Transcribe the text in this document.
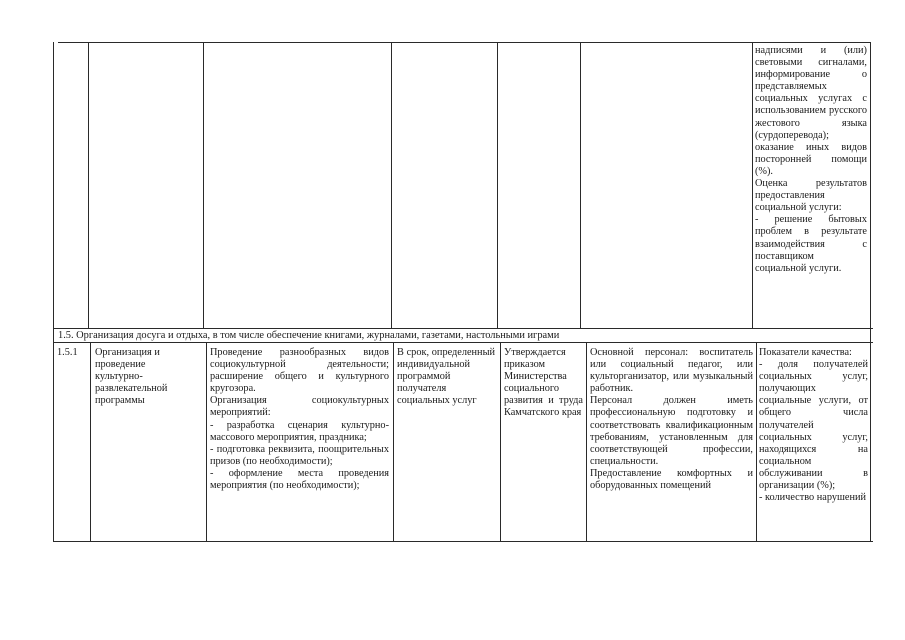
надписями и (или) световыми сигналами, информирование о представляемых социальных услугах с использованием русского жестового языка (сурдоперевода); оказание иных видов посторонней помощи (%).

Оценка результатов предоставления социальной услуги:

- решение бытовых проблем в результате взаимодействия с поставщиком социальной услуги.

1.5. Организация досуга и отдыха, в том числе обеспечение книгами, журналами, газетами, настольными играми
1.5.1	Организация и проведение культурно-развлекательной программы

Проведение разнообразных видов социокультурной деятельности; расширение общего и культурного кругозора.

Организация социокультурных мероприятий:

- разработка сценария культурно-массового мероприятия, праздника;

- подготовка реквизита, поощрительных призов (по необходимости);

- оформление места проведения мероприятия (по необходимости);

В срок, определенный индивидуальной программой получателя социальных услуг
Утверждается приказом Министерства социального развития и труда Камчатского края

Основной персонал: воспитатель или социальный педагог, или культорганизатор, или музыкальный работник.

Персонал должен иметь профессиональную подготовку и соответствовать квалификационным требованиям, установленным для соответствующей профессии, специальности.

Предоставление комфортных и оборудованных помещений

Показатели качества:

- доля получателей социальных услуг, получающих социальные услуги, от общего числа получателей социальных услуг, находящихся на социальном обслуживании в организации (%);

- количество нарушений
